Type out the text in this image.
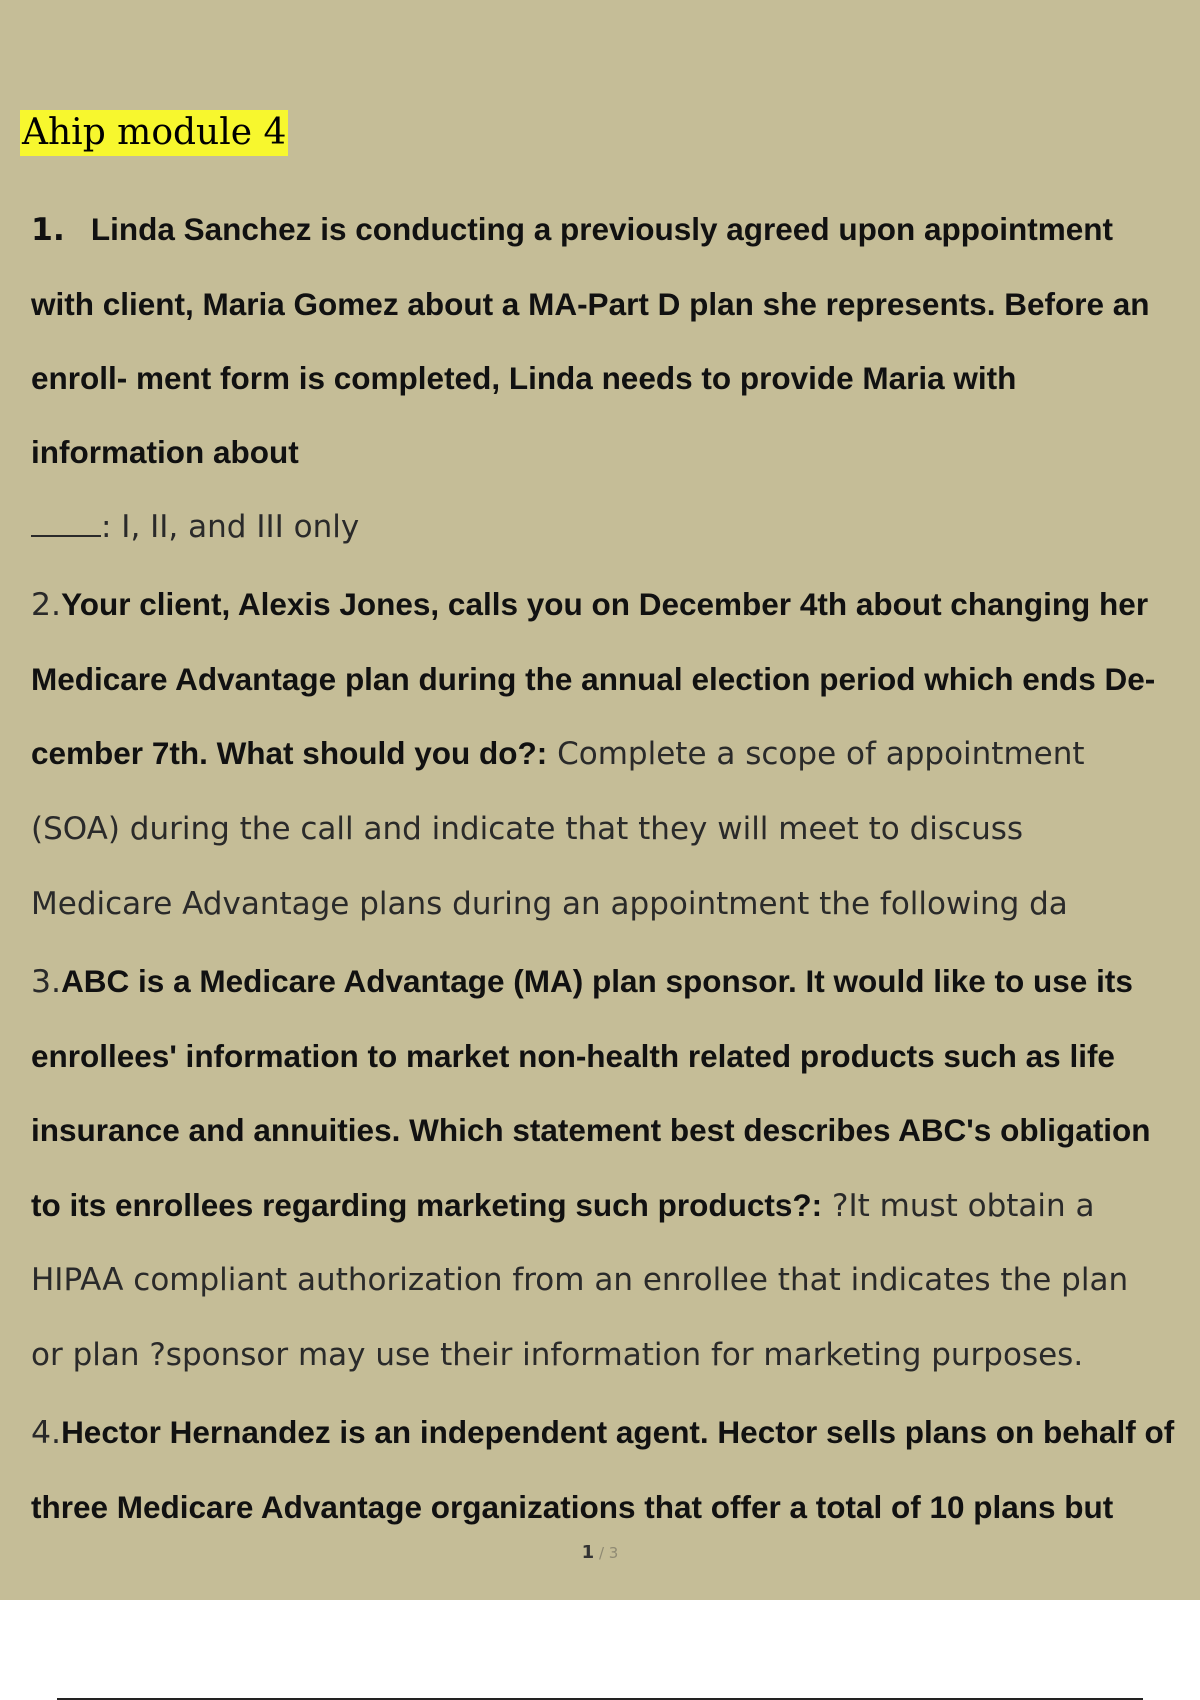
Ahip module 4
1. Linda Sanchez is conducting a previously agreed upon appointment
with client, Maria Gomez about a MA-Part D plan she represents. Before an
enroll- ment form is completed, Linda needs to provide Maria with
information about
: I, II, and III only
2.Your client, Alexis Jones, calls you on December 4th about changing her
Medicare Advantage plan during the annual election period which ends De-
cember 7th. What should you do?: Complete a scope of appointment
(SOA) during the call and indicate that they will meet to discuss
Medicare Advantage plans during an appointment the following da
3.ABC is a Medicare Advantage (MA) plan sponsor. It would like to use its
enrollees' information to market non-health related products such as life
insurance and annuities. Which statement best describes ABC's obligation
to its enrollees regarding marketing such products?: ?It must obtain a
HIPAA compliant authorization from an enrollee that indicates the plan
or plan ?sponsor may use their information for marketing purposes.
4.Hector Hernandez is an independent agent. Hector sells plans on behalf of
three Medicare Advantage organizations that offer a total of 10 plans but
1 / 3
